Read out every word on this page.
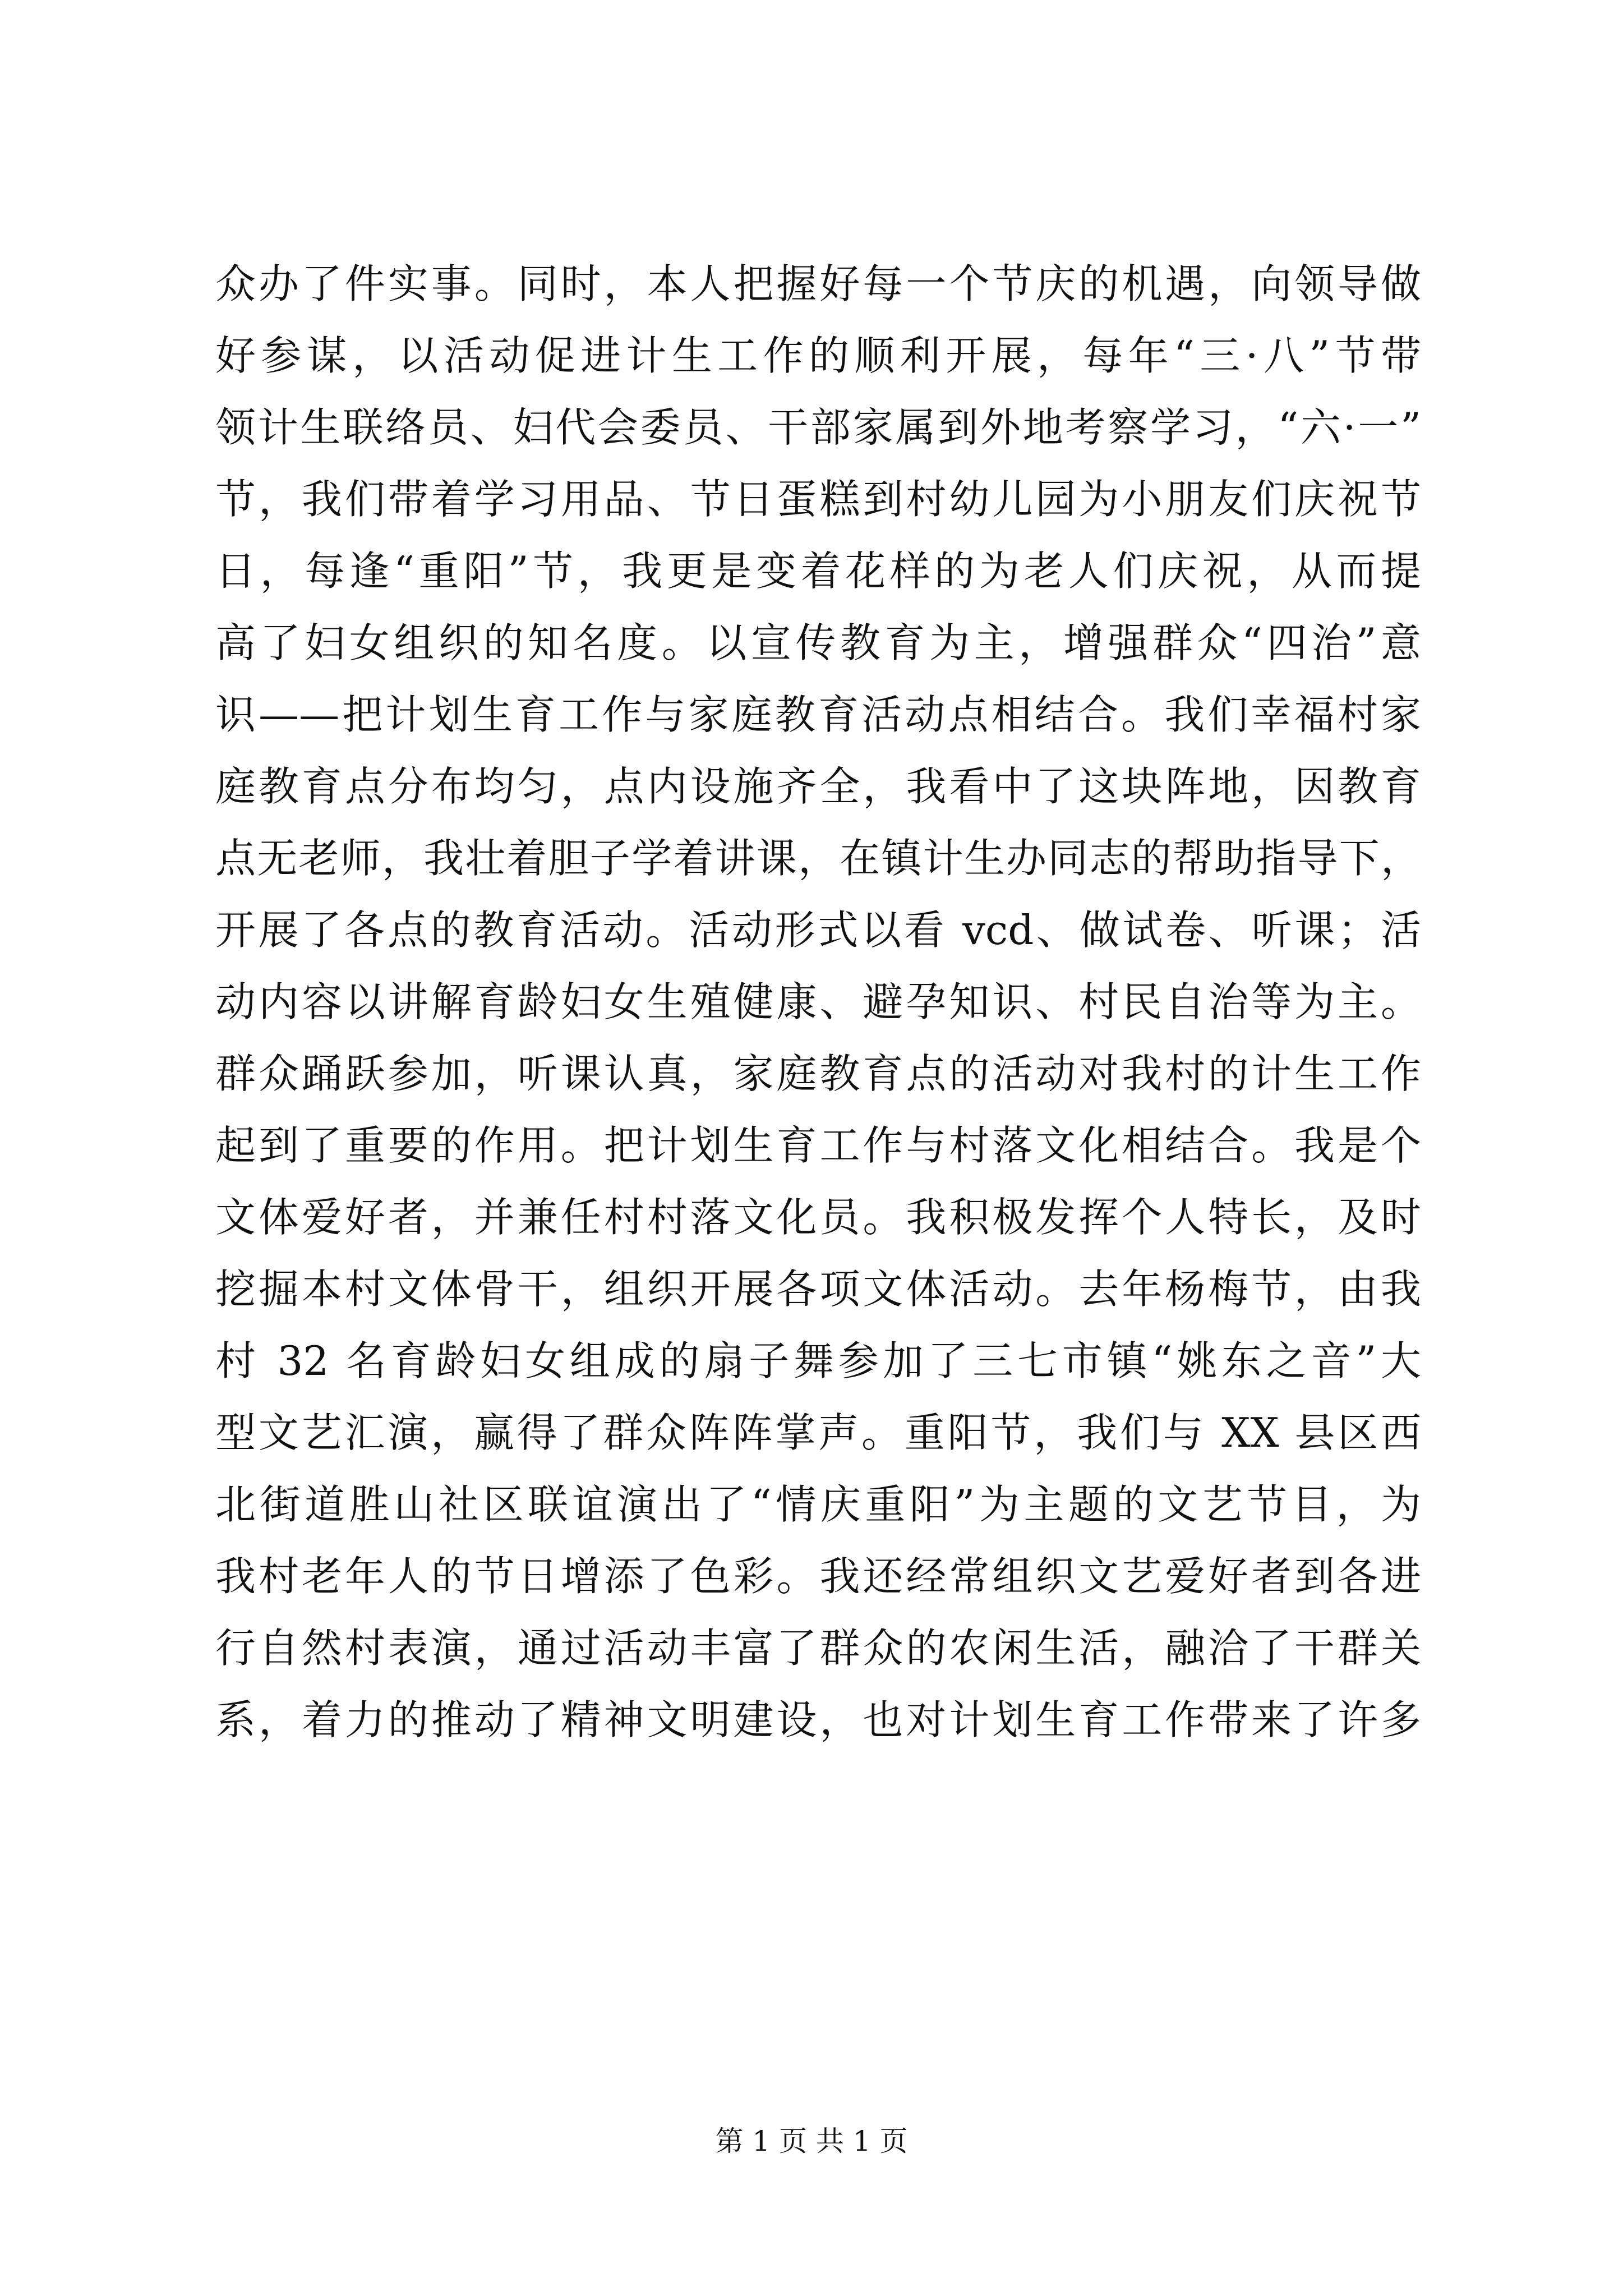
众办了件实事。同时，本人把握好每一个节庆的机遇，向领导做
好参谋，以活动促进计生工作的顺利开展，每年“三·八”节带
领计生联络员、妇代会委员、干部家属到外地考察学习，“六·一”
节，我们带着学习用品、节日蛋糕到村幼儿园为小朋友们庆祝节
日，每逢“重阳”节，我更是变着花样的为老人们庆祝，从而提
高了妇女组织的知名度。以宣传教育为主，增强群众“四治”意
识——把计划生育工作与家庭教育活动点相结合。我们幸福村家
庭教育点分布均匀，点内设施齐全，我看中了这块阵地，因教育
点无老师，我壮着胆子学着讲课，在镇计生办同志的帮助指导下，
开展了各点的教育活动。活动形式以看 vcd、做试卷、听课；活
动内容以讲解育龄妇女生殖健康、避孕知识、村民自治等为主。
群众踊跃参加，听课认真，家庭教育点的活动对我村的计生工作
起到了重要的作用。把计划生育工作与村落文化相结合。我是个
文体爱好者，并兼任村村落文化员。我积极发挥个人特长，及时
挖掘本村文体骨干，组织开展各项文体活动。去年杨梅节，由我
村 32 名育龄妇女组成的扇子舞参加了三七市镇“姚东之音”大
型文艺汇演，赢得了群众阵阵掌声。重阳节，我们与 XX 县区西
北街道胜山社区联谊演出了“情庆重阳”为主题的文艺节目，为
我村老年人的节日增添了色彩。我还经常组织文艺爱好者到各进
行自然村表演，通过活动丰富了群众的农闲生活，融洽了干群关
系，着力的推动了精神文明建设，也对计划生育工作带来了许多
第 1 页 共 1 页
